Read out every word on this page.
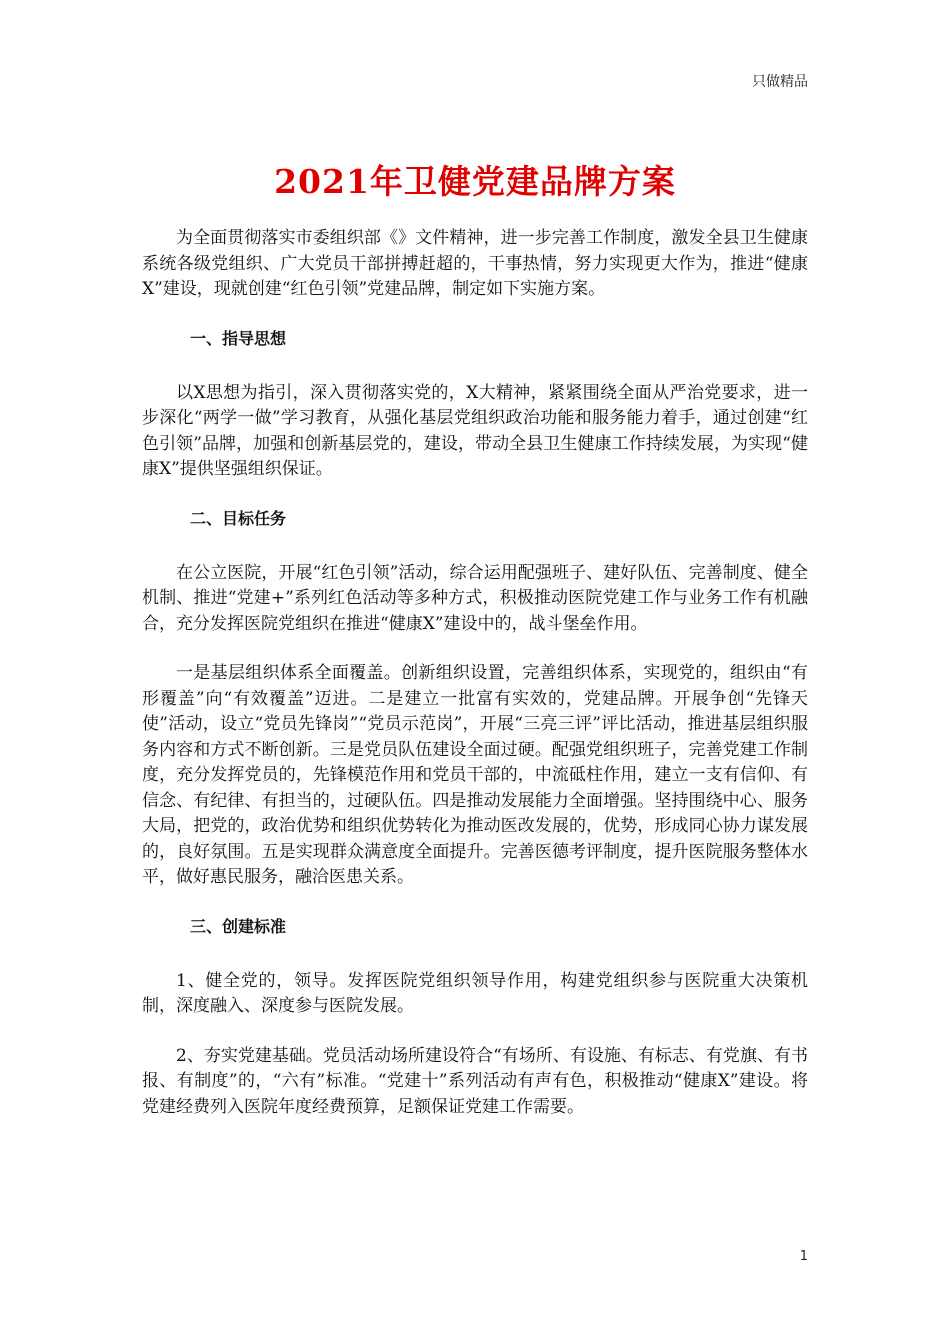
只做精品
2021年卫健党建品牌方案

为全面贯彻落实市委组织部《》文件精神，进一步完善工作制度，激发全县卫生健康系统各级党组织、广大党员干部拼搏赶超的，干事热情，努力实现更大作为，推进“健康X”建设，现就创建“红色引领”党建品牌，制定如下实施方案。

一、指导思想

以X思想为指引，深入贯彻落实党的，X大精神，紧紧围绕全面从严治党要求，进一步深化“两学一做”学习教育，从强化基层党组织政治功能和服务能力着手，通过创建“红色引领”品牌，加强和创新基层党的，建设，带动全县卫生健康工作持续发展，为实现“健康X”提供坚强组织保证。

二、目标任务

在公立医院，开展“红色引领”活动，综合运用配强班子、建好队伍、完善制度、健全机制、推进“党建+”系列红色活动等多种方式，积极推动医院党建工作与业务工作有机融合，充分发挥医院党组织在推进“健康X”建设中的，战斗堡垒作用。

一是基层组织体系全面覆盖。创新组织设置，完善组织体系，实现党的，组织由“有形覆盖”向“有效覆盖”迈进。二是建立一批富有实效的，党建品牌。开展争创“先锋天使”活动，设立“党员先锋岗”“党员示范岗”，开展“三亮三评”评比活动，推进基层组织服务内容和方式不断创新。三是党员队伍建设全面过硬。配强党组织班子，完善党建工作制度，充分发挥党员的，先锋模范作用和党员干部的，中流砥柱作用，建立一支有信仰、有信念、有纪律、有担当的，过硬队伍。四是推动发展能力全面增强。坚持围绕中心、服务大局，把党的，政治优势和组织优势转化为推动医改发展的，优势，形成同心协力谋发展的，良好氛围。五是实现群众满意度全面提升。完善医德考评制度，提升医院服务整体水平，做好惠民服务，融洽医患关系。

三、创建标准

1、健全党的，领导。发挥医院党组织领导作用，构建党组织参与医院重大决策机制，深度融入、深度参与医院发展。

2、夯实党建基础。党员活动场所建设符合“有场所、有设施、有标志、有党旗、有书报、有制度”的，“六有”标准。“党建十”系列活动有声有色，积极推动“健康X”建设。将党建经费列入医院年度经费预算，足额保证党建工作需要。

1
